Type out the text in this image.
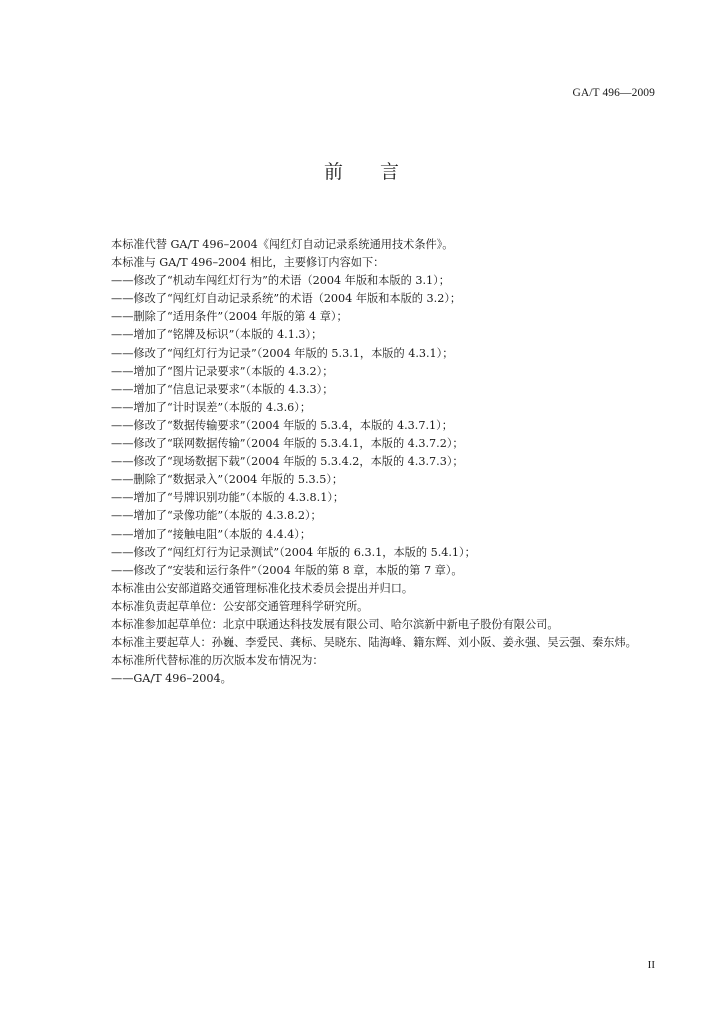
GA/T 496—2009
前 言

本标准代替 GA/T 496–2004《闯红灯自动记录系统通用技术条件》。

本标准与 GA/T 496–2004 相比，主要修订内容如下：

——修改了“机动车闯红灯行为”的术语（2004 年版和本版的 3.1）；

——修改了“闯红灯自动记录系统”的术语（2004 年版和本版的 3.2）；

——删除了“适用条件”（2004 年版的第 4 章）；

——增加了“铭牌及标识”（本版的 4.1.3）；

——修改了“闯红灯行为记录”（2004 年版的 5.3.1，本版的 4.3.1）；

——增加了“图片记录要求”（本版的 4.3.2）；

——增加了“信息记录要求”（本版的 4.3.3）；

——增加了“计时误差”（本版的 4.3.6）；

——修改了“数据传输要求”（2004 年版的 5.3.4，本版的 4.3.7.1）；

——修改了“联网数据传输”（2004 年版的 5.3.4.1，本版的 4.3.7.2）；

——修改了“现场数据下载”（2004 年版的 5.3.4.2，本版的 4.3.7.3）；

——删除了“数据录入”（2004 年版的 5.3.5）；

——增加了“号牌识别功能”（本版的 4.3.8.1）；

——增加了“录像功能”（本版的 4.3.8.2）；

——增加了“接触电阻”（本版的 4.4.4）；

——修改了“闯红灯行为记录测试”（2004 年版的 6.3.1，本版的 5.4.1）；

——修改了“安装和运行条件”（2004 年版的第 8 章，本版的第 7 章）。

本标准由公安部道路交通管理标准化技术委员会提出并归口。

本标准负责起草单位：公安部交通管理科学研究所。

本标准参加起草单位：北京中联通达科技发展有限公司、哈尔滨新中新电子股份有限公司。

本标准主要起草人：孙巍、李爱民、龚标、吴晓东、陆海峰、籍东辉、刘小阪、姜永强、吴云强、秦东炜。

本标准所代替标准的历次版本发布情况为：

——GA/T 496–2004。

II
